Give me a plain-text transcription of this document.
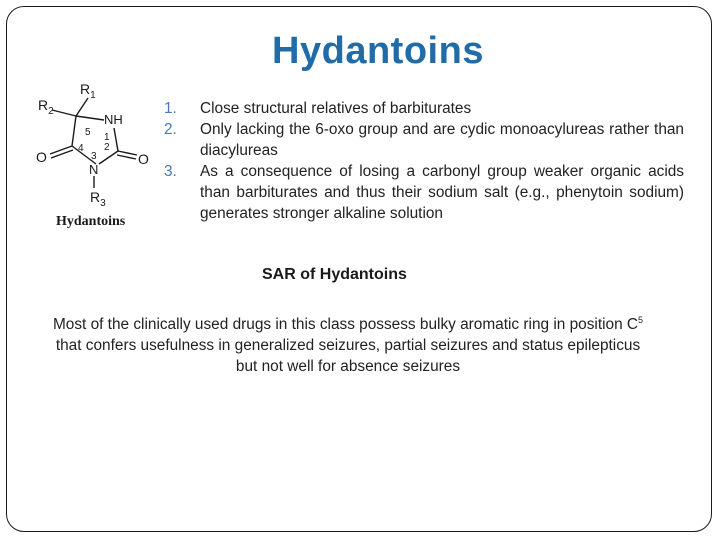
Hydantoins
$R_1$
$R_2$
NH
N
O	O
$R_3$
5 1
4
3
2
Hydantoins
1. Close structural relatives of barbiturates
2. Only lacking the 6-oxo group and are cydic monoacylureas rather than diacylureas
3. As a consequence of losing a carbonyl group weaker organic acids than barbiturates and thus their sodium salt (e.g., phenytoin sodium) generates stronger alkaline solution
SAR of Hydantoins
Most of the clinically used drugs in this class possess bulky aromatic ring in position $C^5$ that confers usefulness in generalized seizures, partial seizures and status epilepticus but not well for absence seizures
